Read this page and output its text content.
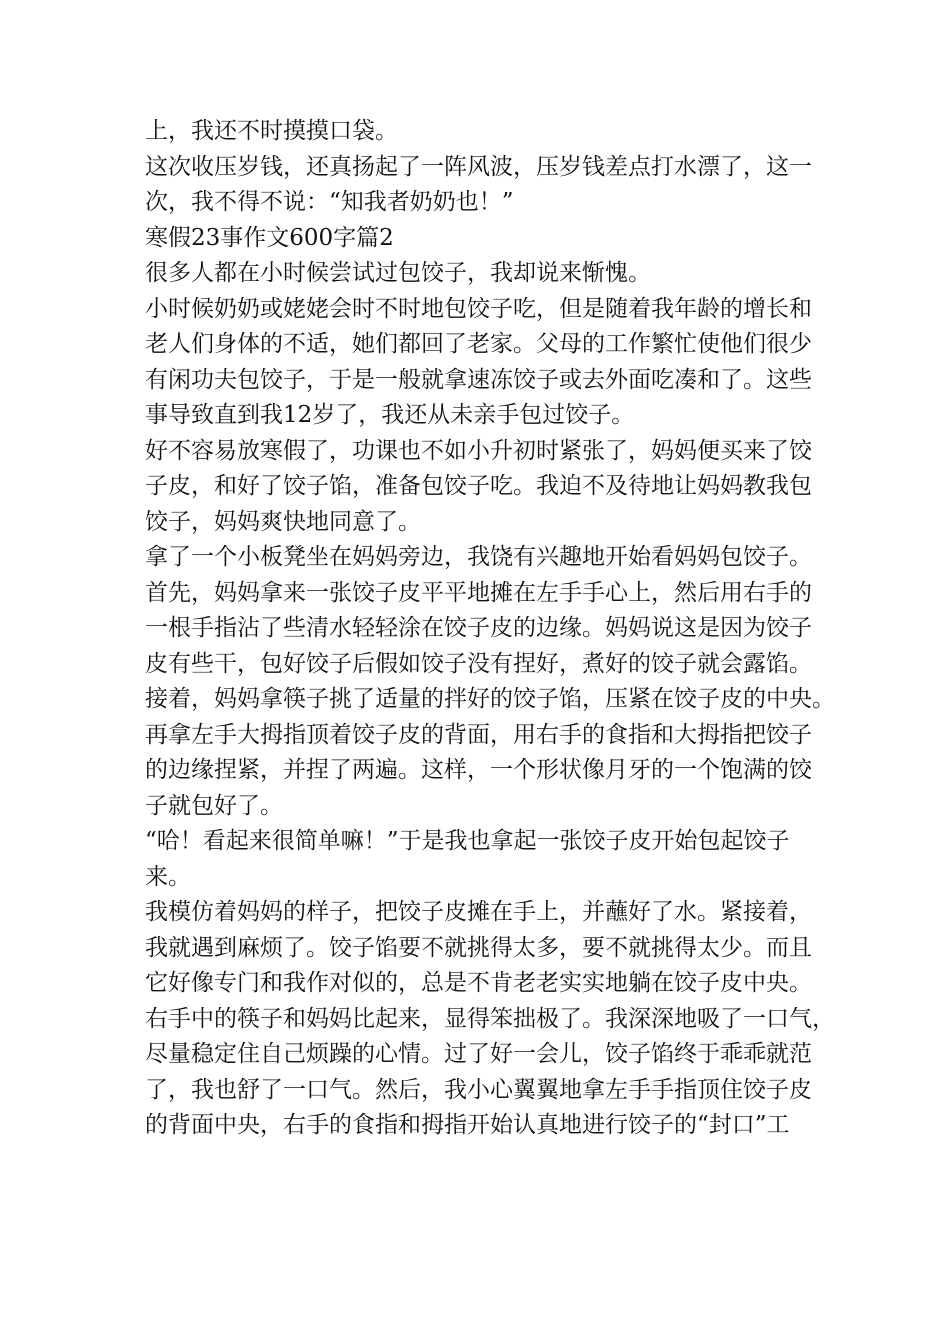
上，我还不时摸摸口袋。
这次收压岁钱，还真扬起了一阵风波，压岁钱差点打水漂了，这一
次，我不得不说：“知我者奶奶也！”
寒假23事作文600字篇2
很多人都在小时候尝试过包饺子，我却说来惭愧。
小时候奶奶或姥姥会时不时地包饺子吃，但是随着我年龄的增长和
老人们身体的不适，她们都回了老家。父母的工作繁忙使他们很少
有闲功夫包饺子，于是一般就拿速冻饺子或去外面吃凑和了。这些
事导致直到我12岁了，我还从未亲手包过饺子。
好不容易放寒假了，功课也不如小升初时紧张了，妈妈便买来了饺
子皮，和好了饺子馅，准备包饺子吃。我迫不及待地让妈妈教我包
饺子，妈妈爽快地同意了。
拿了一个小板凳坐在妈妈旁边，我饶有兴趣地开始看妈妈包饺子。
首先，妈妈拿来一张饺子皮平平地摊在左手手心上，然后用右手的
一根手指沾了些清水轻轻涂在饺子皮的边缘。妈妈说这是因为饺子
皮有些干，包好饺子后假如饺子没有捏好，煮好的饺子就会露馅。
接着，妈妈拿筷子挑了适量的拌好的饺子馅，压紧在饺子皮的中央。
再拿左手大拇指顶着饺子皮的背面，用右手的食指和大拇指把饺子
的边缘捏紧，并捏了两遍。这样，一个形状像月牙的一个饱满的饺
子就包好了。
“哈！看起来很简单嘛！”于是我也拿起一张饺子皮开始包起饺子
来。
我模仿着妈妈的样子，把饺子皮摊在手上，并蘸好了水。紧接着，
我就遇到麻烦了。饺子馅要不就挑得太多，要不就挑得太少。而且
它好像专门和我作对似的，总是不肯老老实实地躺在饺子皮中央。
右手中的筷子和妈妈比起来，显得笨拙极了。我深深地吸了一口气，
尽量稳定住自己烦躁的心情。过了好一会儿，饺子馅终于乖乖就范
了，我也舒了一口气。然后，我小心翼翼地拿左手手指顶住饺子皮
的背面中央，右手的食指和拇指开始认真地进行饺子的“封口”工
